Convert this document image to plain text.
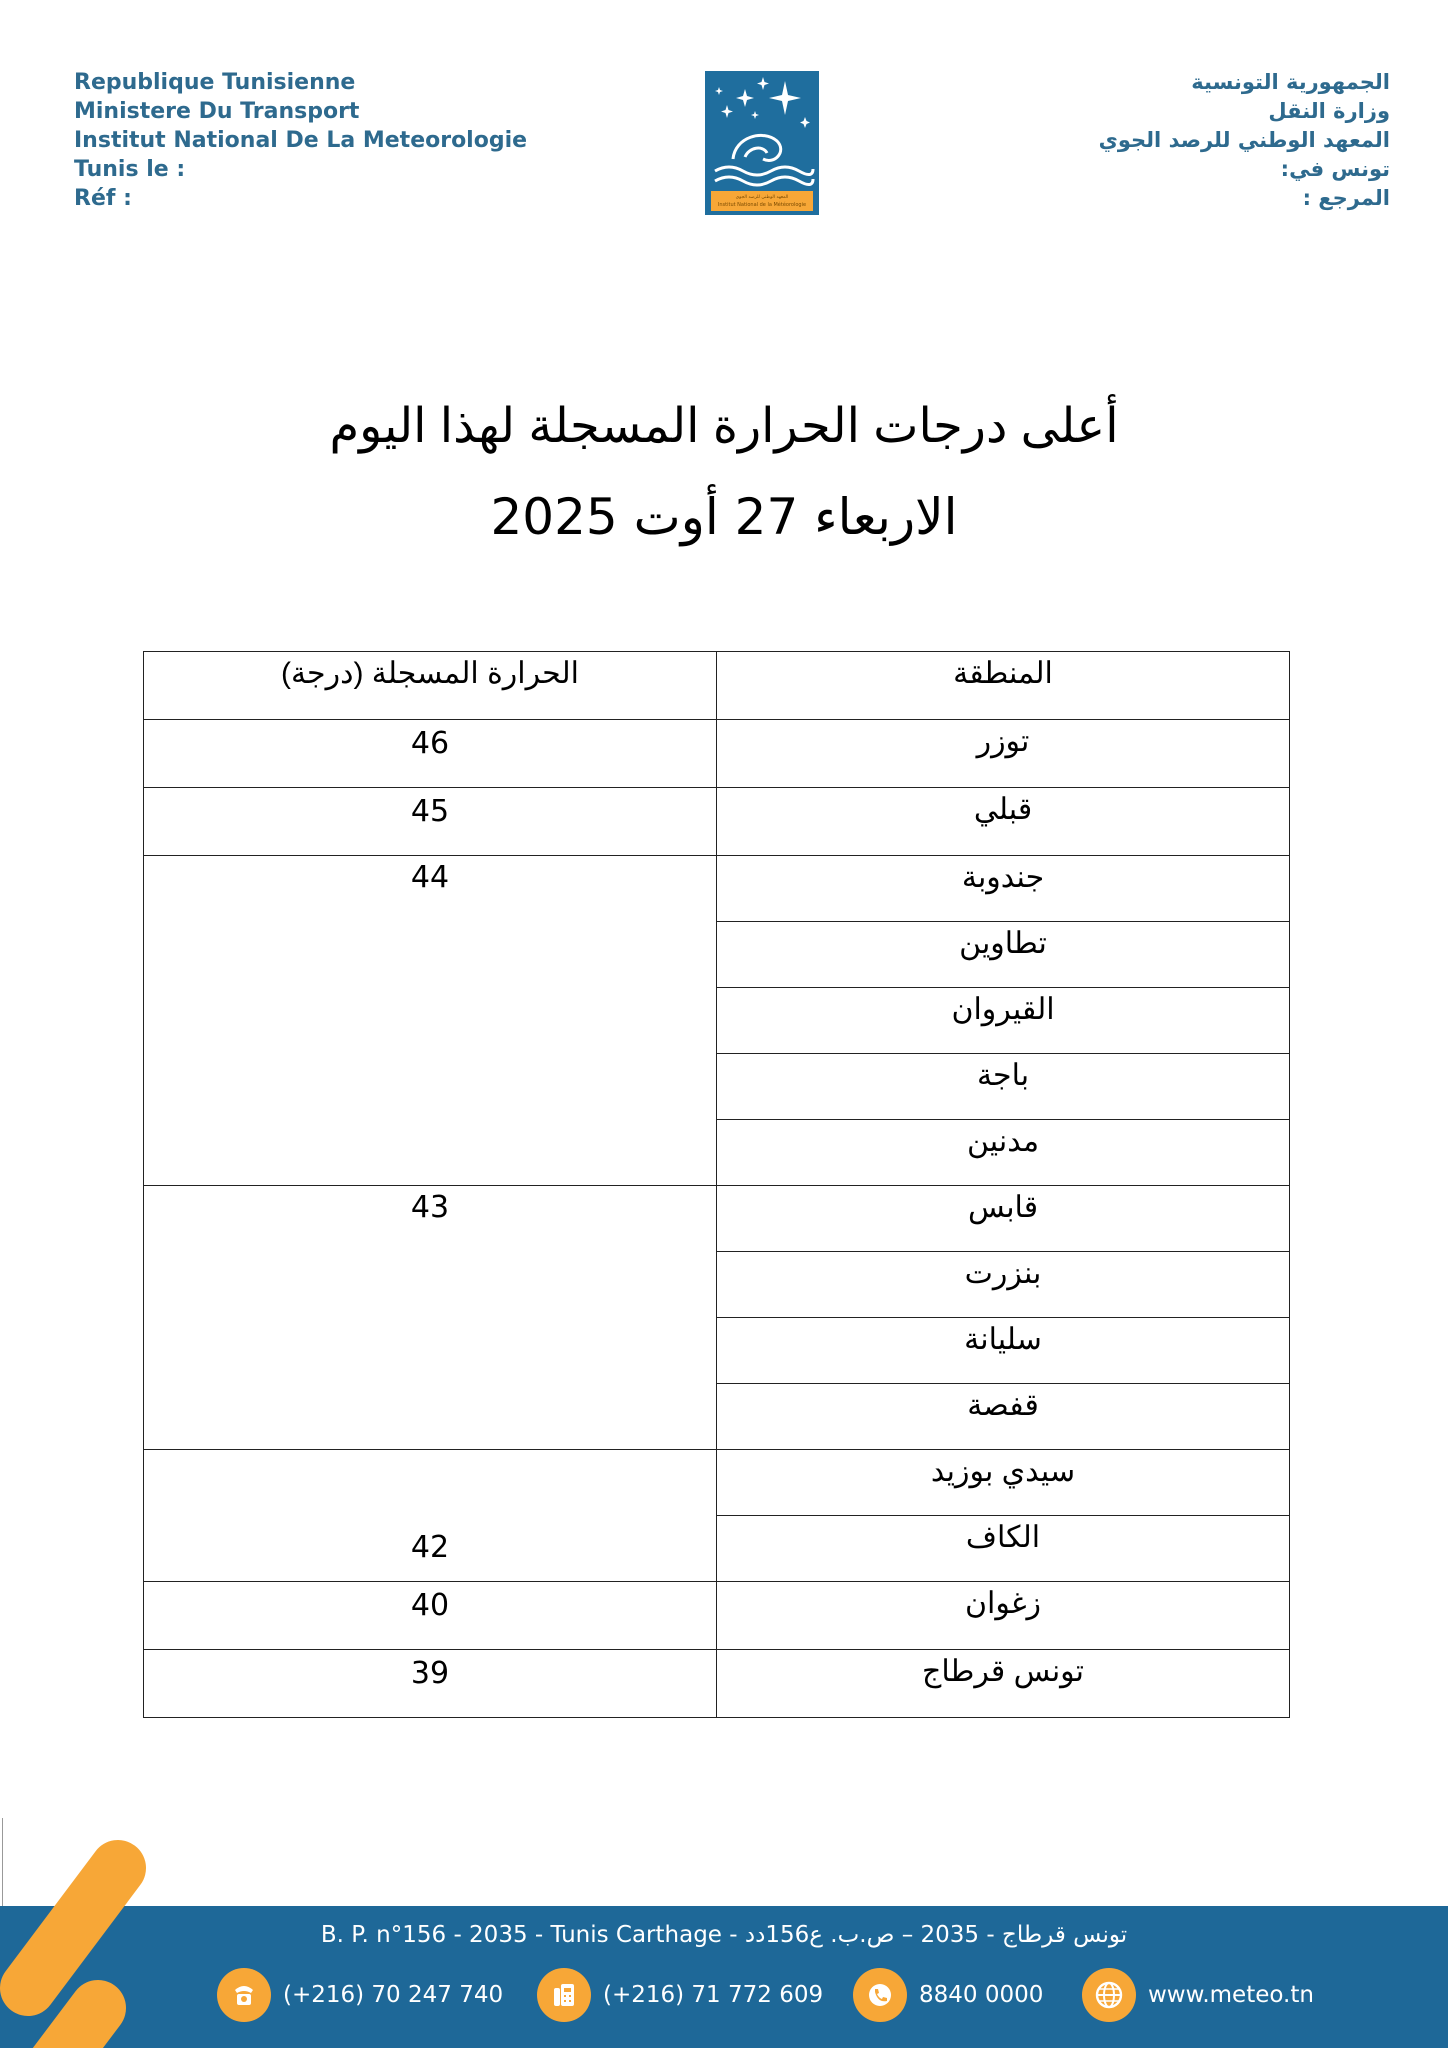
Republique Tunisienne
Ministere Du Transport
Institut National De La Meteorologie
Tunis le :
Réf :	المعهد الوطني للرصد الجوي
Institut National de la Météorologie
الجمهورية التونسية
وزارة النقل
المعهد الوطني للرصد الجوي
تونس في:
المرجع :
أعلى درجات الحرارة المسجلة لهذا اليوم
الاربعاء 27 أوت 2025
الحرارة المسجلة (درجة)	المنطقة
46	توزر
45	قبلي
44	جندوبة
	تطاوين
	القيروان
	باجة
	مدنين
43	قابس
	بنزرت
	سليانة
	قفصة
42	سيدي بوزيد
	الكاف
40	زغوان
39	تونس قرطاج
B. P. n°156 - 2035 - Tunis Carthage - تونس قرطاج - 2035 – ص.ب. ع156دد
(+216) 70 247 740	(+216) 71 772 609	8840 0000	www.meteo.tn
